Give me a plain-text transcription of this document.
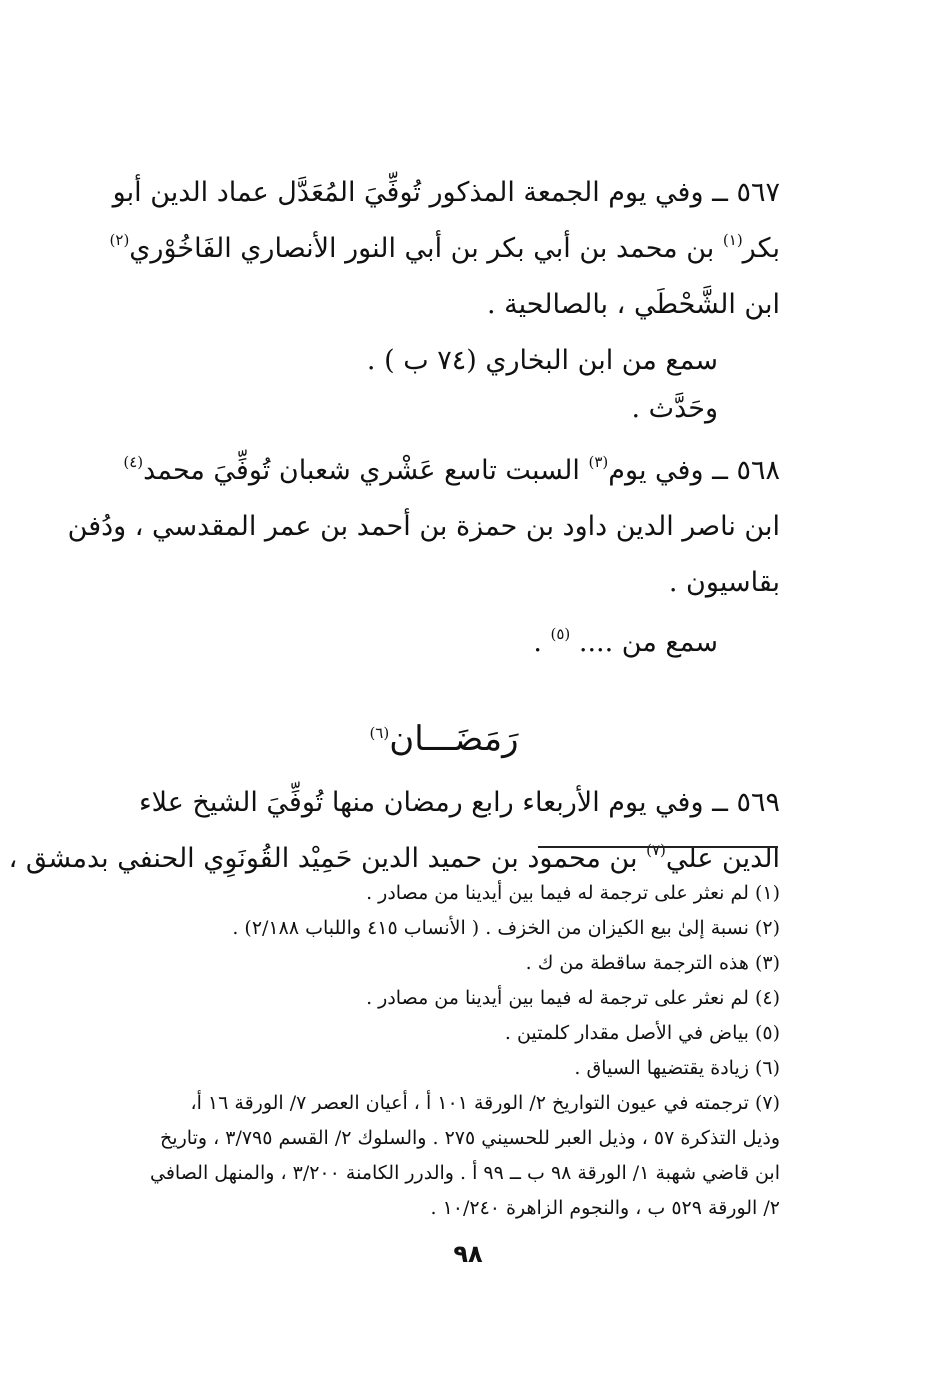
٥٦٧ ــ وفي يوم الجمعة المذكور تُوفِّيَ المُعَدَّل عماد الدين أبو
بكر$^{(١)}$ بن محمد بن أبي بكر بن أبي النور الأنصاري الفَاخُوْري$^{(٢)}$
ابن الشَّحْطَي ، بالصالحية .
سمع من ابن البخاري (٧٤ ب ) .
وحَدَّث .
٥٦٨ ــ وفي يوم$^{(٣)}$ السبت تاسع عَشْري شعبان تُوفِّيَ محمد$^{(٤)}$
ابن ناصر الدين داود بن حمزة بن أحمد بن عمر المقدسي ، ودُفن
بقاسيون .
سمع من .... $^{(٥)}$ .
رَمَضَـــان$^{(٦)}$
٥٦٩ ــ وفي يوم الأربعاء رابع رمضان منها تُوفِّيَ الشيخ علاء
الدين علي$^{(٧)}$ بن محمود بن حميد الدين حَمِيْد القُونَوِي الحنفي بدمشق ،
(١) لم نعثر على ترجمة له فيما بين أيدينا من مصادر .
(٢) نسبة إلىٰ بيع الكيزان من الخزف . ( الأنساب ٤١٥ واللباب ٢/١٨٨) .
(٣) هذه الترجمة ساقطة من ك .
(٤) لم نعثر على ترجمة له فيما بين أيدينا من مصادر .
(٥) بياض في الأصل مقدار كلمتين .
(٦) زيادة يقتضيها السياق .
(٧) ترجمته في عيون التواريخ ٢/ الورقة ١٠١ أ ، أعيان العصر ٧/ الورقة ١٦ أ،
وذيل التذكرة ٥٧ ، وذيل العبر للحسيني ٢٧٥ . والسلوك ٢/ القسم ٣/٧٩٥ ، وتاريخ
ابن قاضي شهبة ١/ الورقة ٩٨ ب ــ ٩٩ أ . والدرر الكامنة ٣/٢٠٠ ، والمنهل الصافي
٢/ الورقة ٥٢٩ ب ، والنجوم الزاهرة ١٠/٢٤٠ .
٩٨
